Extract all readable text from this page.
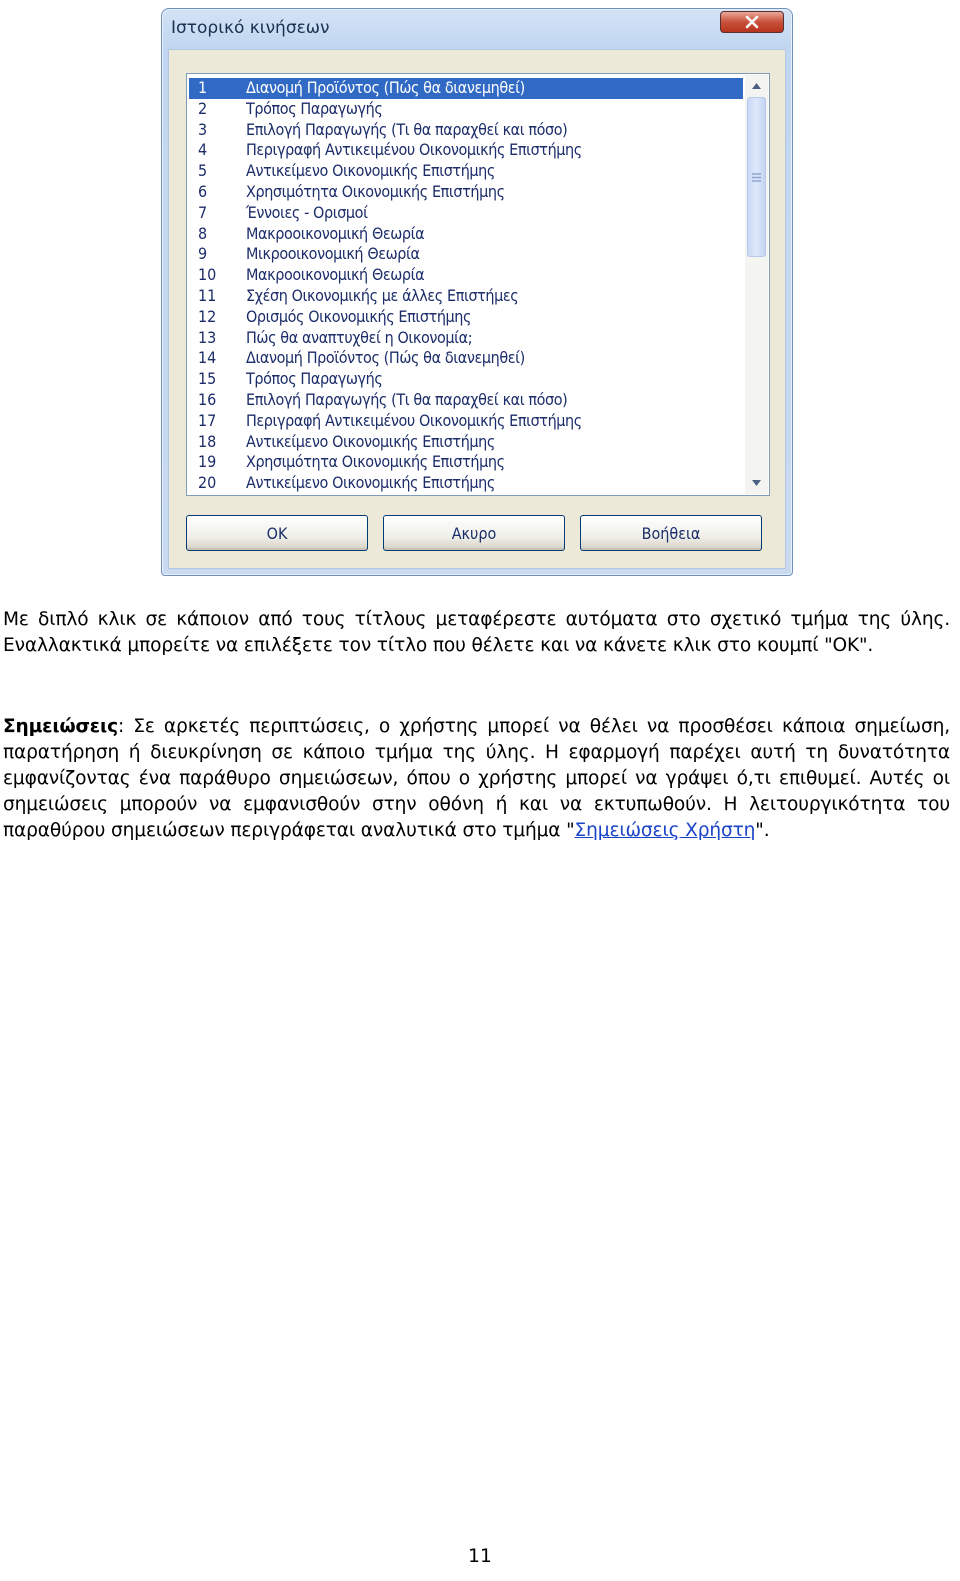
Ιστορικό κινήσεων
1	Διανομή Προϊόντος (Πώς θα διανεμηθεί)
2	Τρόπος Παραγωγής
3	Επιλογή Παραγωγής (Τι θα παραχθεί και πόσο)
4	Περιγραφή Αντικειμένου Οικονομικής Επιστήμης
5	Αντικείμενο Οικονομικής Επιστήμης
6	Χρησιμότητα Οικονομικής Επιστήμης
7	Έννοιες - Ορισμοί
8	Μακροοικονομική Θεωρία
9	Μικροοικονομική Θεωρία
10	Μακροοικονομική Θεωρία
11	Σχέση Οικονομικής με άλλες Επιστήμες
12	Ορισμός Οικονομικής Επιστήμης
13	Πώς θα αναπτυχθεί η Οικονομία;
14	Διανομή Προϊόντος (Πώς θα διανεμηθεί)
15	Τρόπος Παραγωγής
16	Επιλογή Παραγωγής (Τι θα παραχθεί και πόσο)
17	Περιγραφή Αντικειμένου Οικονομικής Επιστήμης
18	Αντικείμενο Οικονομικής Επιστήμης
19	Χρησιμότητα Οικονομικής Επιστήμης
20	Αντικείμενο Οικονομικής Επιστήμης
OK	Ακυρο	Βοήθεια

Με διπλό κλικ σε κάποιον από τους τίτλους μεταφέρεστε αυτόματα στο σχετικό τμήμα της ύλης. Εναλλακτικά μπορείτε να επιλέξετε τον τίτλο που θέλετε και να κάνετε κλικ στο κουμπί "OK".

Σημειώσεις: Σε αρκετές περιπτώσεις, ο χρήστης μπορεί να θέλει να προσθέσει κάποια σημείωση, παρατήρηση ή διευκρίνηση σε κάποιο τμήμα της ύλης. Η εφαρμογή παρέχει αυτή τη δυνατότητα εμφανίζοντας ένα παράθυρο σημειώσεων, όπου ο χρήστης μπορεί να γράψει ό,τι επιθυμεί. Αυτές οι σημειώσεις μπορούν να εμφανισθούν στην οθόνη ή και να εκτυπωθούν. Η λειτουργικότητα του παραθύρου σημειώσεων περιγράφεται αναλυτικά στο τμήμα "Σημειώσεις Χρήστη".

11
